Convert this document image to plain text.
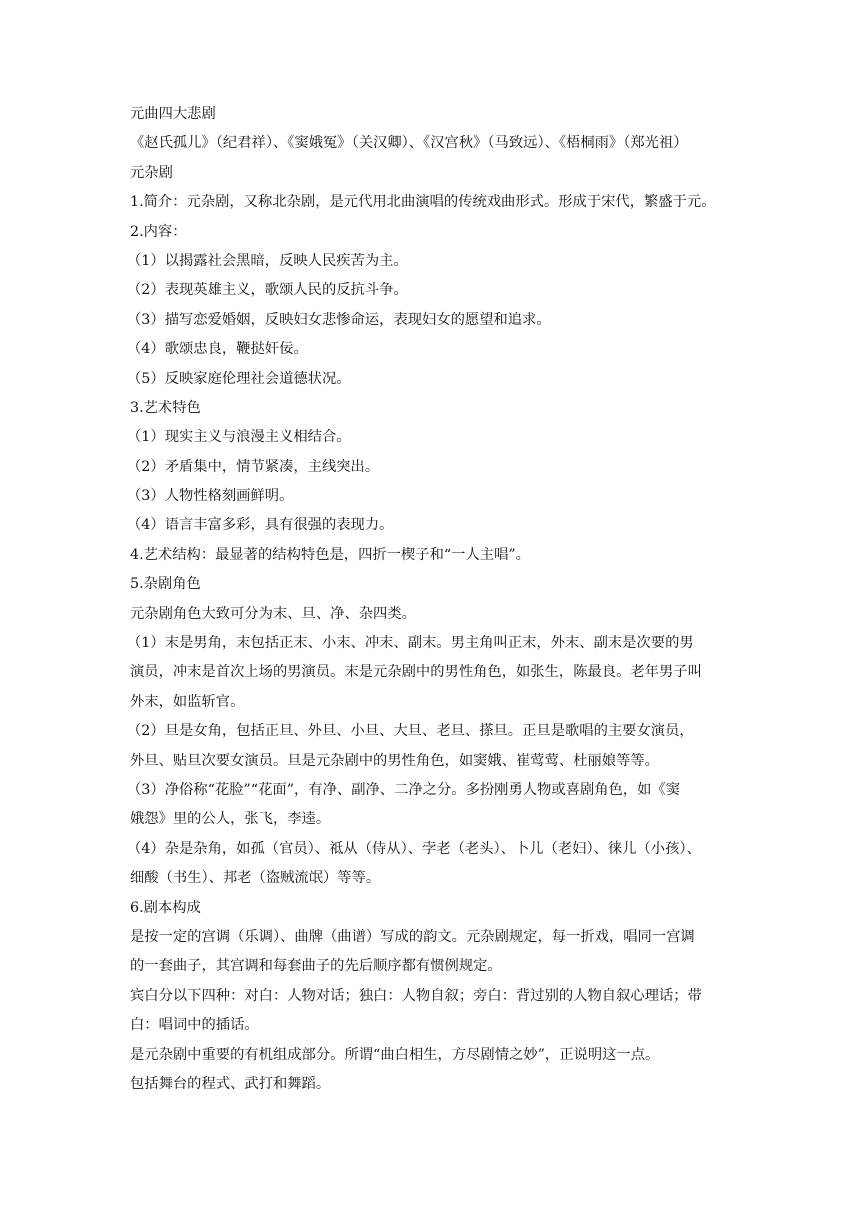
元曲四大悲剧
《赵氏孤儿》（纪君祥）、《窦娥冤》（关汉卿）、《汉宫秋》（马致远）、《梧桐雨》（郑光祖）
元杂剧
1.简介：元杂剧，又称北杂剧，是元代用北曲演唱的传统戏曲形式。形成于宋代，繁盛于元。
2.内容：
（1）以揭露社会黑暗，反映人民疾苦为主。
（2）表现英雄主义，歌颂人民的反抗斗争。
（3）描写恋爱婚姻，反映妇女悲惨命运，表现妇女的愿望和追求。
（4）歌颂忠良，鞭挞奸佞。
（5）反映家庭伦理社会道德状况。
3.艺术特色
（1）现实主义与浪漫主义相结合。
（2）矛盾集中，情节紧凑，主线突出。
（3）人物性格刻画鲜明。
（4）语言丰富多彩，具有很强的表现力。
4.艺术结构：最显著的结构特色是，四折一楔子和“一人主唱”。
5.杂剧角色
元杂剧角色大致可分为末、旦、净、杂四类。
（1）末是男角，末包括正末、小末、冲末、副末。男主角叫正末，外末、副末是次要的男
演员，冲末是首次上场的男演员。末是元杂剧中的男性角色，如张生，陈最良。老年男子叫
外末，如监斩官。
（2）旦是女角，包括正旦、外旦、小旦、大旦、老旦、搽旦。正旦是歌唱的主要女演员，
外旦、贴旦次要女演员。旦是元杂剧中的男性角色，如窦娥、崔莺莺、杜丽娘等等。
（3）净俗称“花脸”“花面”，有净、副净、二净之分。多扮刚勇人物或喜剧角色，如《窦
娥怨》里的公人，张飞，李逵。
（4）杂是杂角，如孤（官员）、祗从（侍从）、孛老（老头）、卜儿（老妇）、徕儿（小孩）、
细酸（书生）、邦老（盗贼流氓）等等。
6.剧本构成
是按一定的宫调（乐调）、曲牌（曲谱）写成的韵文。元杂剧规定，每一折戏，唱同一宫调
的一套曲子，其宫调和每套曲子的先后顺序都有惯例规定。
宾白分以下四种：对白：人物对话；独白：人物自叙；旁白：背过别的人物自叙心理话；带
白：唱词中的插话。
是元杂剧中重要的有机组成部分。所谓“曲白相生，方尽剧情之妙”，正说明这一点。
包括舞台的程式、武打和舞蹈。
